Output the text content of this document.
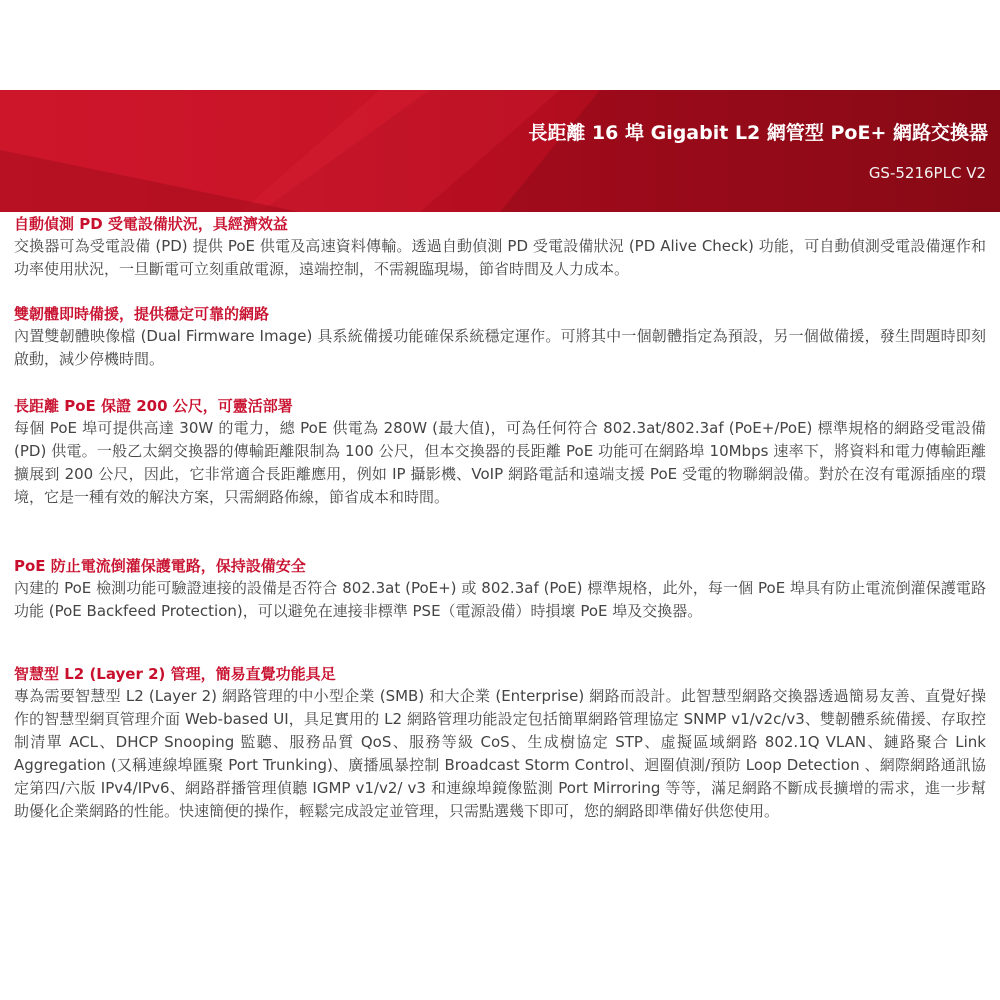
長距離 16 埠 Gigabit L2 網管型 PoE+ 網路交換器
GS-5216PLC V2
自動偵測 PD 受電設備狀況，具經濟效益

交換器可為受電設備 (PD) 提供 PoE 供電及高速資料傳輸。透過自動偵測 PD 受電設備狀況 (PD Alive Check) 功能，可自動偵測受電設備運作和功率使用狀況，一旦斷電可立刻重啟電源，遠端控制，不需親臨現場，節省時間及人力成本。

雙韌體即時備援，提供穩定可靠的網路

內置雙韌體映像檔 (Dual Firmware Image) 具系統備援功能確保系統穩定運作。可將其中一個韌體指定為預設，另一個做備援，發生問題時即刻啟動，減少停機時間。

長距離 PoE 保證 200 公尺，可靈活部署

每個 PoE 埠可提供高達 30W 的電力，總 PoE 供電為 280W (最大值)，可為任何符合 802.3at/802.3af (PoE+/PoE) 標準規格的網路受電設備 (PD) 供電。一般乙太網交換器的傳輸距離限制為 100 公尺，但本交換器的長距離 PoE 功能可在網路埠 10Mbps 速率下，將資料和電力傳輸距離擴展到 200 公尺，因此，它非常適合長距離應用，例如 IP 攝影機、VoIP 網路電話和遠端支援 PoE 受電的物聯網設備。對於在沒有電源插座的環境，它是一種有效的解決方案，只需網路佈線，節省成本和時間。

PoE 防止電流倒灌保護電路，保持設備安全

內建的 PoE 檢測功能可驗證連接的設備是否符合 802.3at (PoE+) 或 802.3af (PoE) 標準規格，此外，每一個 PoE 埠具有防止電流倒灌保護電路功能 (PoE Backfeed Protection)，可以避免在連接非標準 PSE（電源設備）時損壞 PoE 埠及交換器。

智慧型 L2 (Layer 2) 管理，簡易直覺功能具足

專為需要智慧型 L2 (Layer 2) 網路管理的中小型企業 (SMB) 和大企業 (Enterprise) 網路而設計。此智慧型網路交換器透過簡易友善、直覺好操作的智慧型網頁管理介面 Web-based UI，具足實用的 L2 網路管理功能設定包括簡單網路管理協定 SNMP v1/v2c/v3、雙韌體系統備援、存取控制清單 ACL、DHCP Snooping 監聽、服務品質 QoS、服務等級 CoS、生成樹協定 STP、虛擬區域網路 802.1Q VLAN、鏈路聚合 Link Aggregation (又稱連線埠匯聚 Port Trunking)、廣播風暴控制 Broadcast Storm Control、迴圈偵測/預防 Loop Detection 、網際網路通訊協定第四/六版 IPv4/IPv6、網路群播管理偵聽 IGMP v1/v2/ v3 和連線埠鏡像監測 Port Mirroring 等等，滿足網路不斷成長擴增的需求，進一步幫助優化企業網路的性能。快速簡便的操作，輕鬆完成設定並管理，只需點選幾下即可，您的網路即準備好供您使用。
